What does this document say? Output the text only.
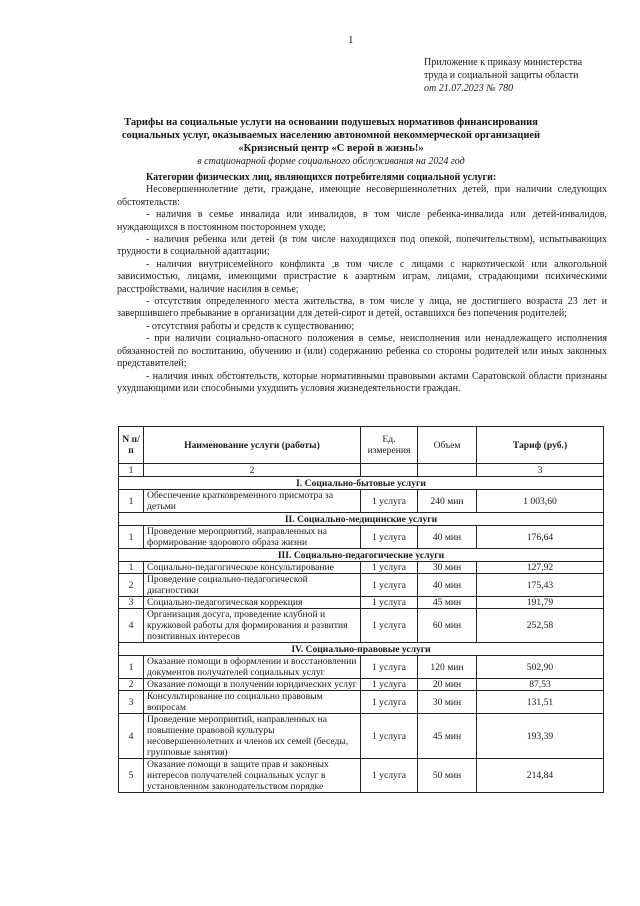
1
Приложение к приказу министерства
труда и социальной защиты области
от 21.07.2023 № 780
Тарифы на социальные услуги на основании подушевых нормативов финансирования
социальных услуг, оказываемых населению автономной некоммерческой организацией
«Кризисный центр «С верой в жизнь!»
в стационарной форме социального обслуживания на 2024 год

Категории физических лиц, являющихся потребителями социальной услуги:

Несовершеннолетние дети, граждане, имеющие несовершеннолетних детей, при наличии следующих обстоятельств:

- наличия в семье инвалида или инвалидов, в том числе ребенка-инвалида или детей-инвалидов, нуждающихся в постоянном постороннем уходе;

- наличия ребенка или детей (в том числе находящихся под опекой, попечительством), испытывающих трудности в социальной адаптации;

- наличия внутрисемейного конфликта ,в том числе с лицами с наркотической или алкогольной зависимостью, лицами, имеющими пристрастие к азартным играм, лицами, страдающими психическими расстройствами, наличие насилия в семье;

- отсутствия определенного места жительства, в том числе у лица, не достигшего возраста 23 лет и завершившего пребывание в организации для детей-сирот и детей, оставшихся без попечения родителей;

- отсутствия работы и средств к существованию;

- при наличии социально-опасного положения в семье, неисполнения или ненадлежащего исполнения обязанностей по воспитанию, обучению и (или) содержанию ребенка со стороны родителей или иных законных представителей;

- наличия иных обстоятельств, которые нормативными правовыми актами Саратовской области признаны ухудшающими или способными ухудшить условия жизнедеятельности граждан.

N п/п	Наименование услуги (работы)	Ед. измерения	Объем	Тариф (руб.)
1	2			3
I. Социально-бытовые услуги				
1	Обеспечение кратковременного присмотра за детьми	1 услуга	240 мин	1 003,60
II. Социально-медицинские услуги				
1	Проведение мероприятий, направленных на формирование здорового образа жизни	1 услуга	40 мин	176,64
III. Социально-педагогические услуги				
1	Социально-педагогическое консультирование	1 услуга	30 мин	127,92
2	Проведение социально-педагогической диагностики	1 услуга	40 мин	175,43
3	Социально-педагогическая коррекция	1 услуга	45 мин	191,79
4	Организация досуга, проведение клубной и кружковой работы для формирования и развития позитивных интересов	1 услуга	60 мин	252,58
IV. Социально-правовые услуги				
1	Оказание помощи в оформлении и восстановлении документов получателей социальных услуг	1 услуга	120 мин	502,90
2	Оказание помощи в получении юридических услуг	1 услуга	20 мин	87,53
3	Консультирование по социально правовым вопросам	1 услуга	30 мин	131,51
4	Проведение мероприятий, направленных на повышение правовой культуры несовершеннолетних и членов их семей (беседы, групповые занятия)	1 услуга	45 мин	193,39
5	Оказание помощи в защите прав и законных интересов получателей социальных услуг в установленном законодательством порядке	1 услуга	50 мин	214,84
